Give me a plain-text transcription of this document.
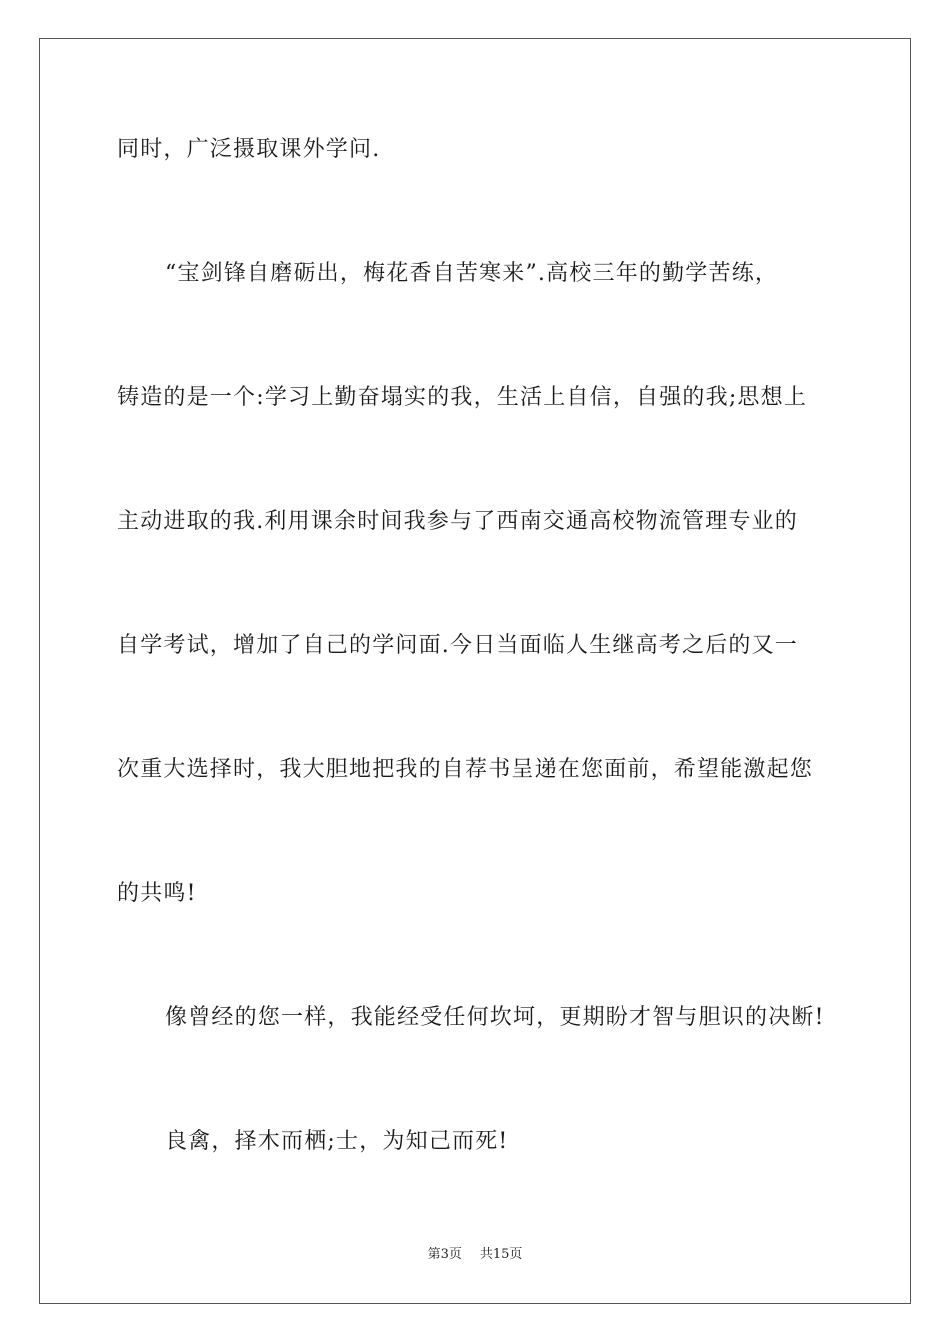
同时，广泛摄取课外学问.
“宝剑锋自磨砺出，梅花香自苦寒来”.高校三年的勤学苦练，
铸造的是一个:学习上勤奋塌实的我，生活上自信，自强的我;思想上
主动进取的我.利用课余时间我参与了西南交通高校物流管理专业的
自学考试，增加了自己的学问面.今日当面临人生继高考之后的又一
次重大选择时，我大胆地把我的自荐书呈递在您面前，希望能激起您
的共鸣!
像曾经的您一样，我能经受任何坎坷，更期盼才智与胆识的决断!
良禽，择木而栖;士，为知己而死!
第3页 共15页
